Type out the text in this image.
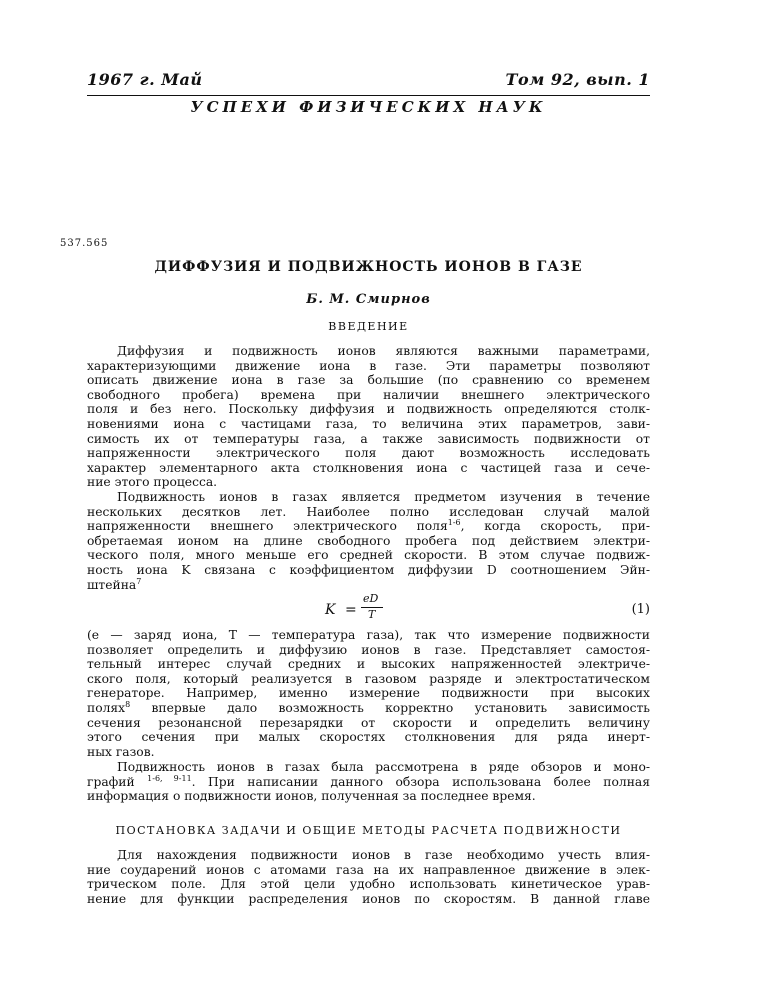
1967 г. Май	Том 92, вып. 1
УСПЕХИ ФИЗИЧЕСКИХ НАУК
537.565
ДИФФУЗИЯ И ПОДВИЖНОСТЬ ИОНОВ В ГАЗЕ
Б. М. Смирнов
ВВЕДЕНИЕ
Диффузия и подвижность ионов являются важными параметрами,
характеризующими движение иона в газе. Эти параметры позволяют
описать движение иона в газе за большие (по сравнению со временем
свободного пробега) времена при наличии внешнего электрического
поля и без него. Поскольку диффузия и подвижность определяются столк-
новениями иона с частицами газа, то величина этих параметров, зави-
симость их от температуры газа, а также зависимость подвижности от
напряженности электрического поля дают возможность исследовать
характер элементарного акта столкновения иона с частицей газа и сече-
ние этого процесса.
Подвижность ионов в газах является предметом изучения в течение
нескольких десятков лет. Наиболее полно исследован случай малой
напряженности внешнего электрического поля$^{1-6}$, когда скорость, при-
обретаемая ионом на длине свободного пробега под действием электри-
ческого поля, много меньше его средней скорости. В этом случае подвиж-
ность иона K связана с коэффициентом диффузии D соотношением Эйн-
штейна$^7$
K =
eD
T	(1)
(e — заряд иона, T — температура газа), так что измерение подвижности
позволяет определить и диффузию ионов в газе. Представляет самостоя-
тельный интерес случай средних и высоких напряженностей электриче-
ского поля, который реализуется в газовом разряде и электростатическом
генераторе. Например, именно измерение подвижности при высоких
полях$^8$ впервые дало возможность корректно установить зависимость
сечения резонансной перезарядки от скорости и определить величину
этого сечения при малых скоростях столкновения для ряда инерт-
ных газов.
Подвижность ионов в газах была рассмотрена в ряде обзоров и моно-
графий $^{1-6, 9-11}$. При написании данного обзора использована более полная
информация о подвижности ионов, полученная за последнее время.
ПОСТАНОВКА ЗАДАЧИ И ОБЩИЕ МЕТОДЫ РАСЧЕТА ПОДВИЖНОСТИ
Для нахождения подвижности ионов в газе необходимо учесть влия-
ние соударений ионов с атомами газа на их направленное движение в элек-
трическом поле. Для этой цели удобно использовать кинетическое урав-
нение для функции распределения ионов по скоростям. В данной главе
